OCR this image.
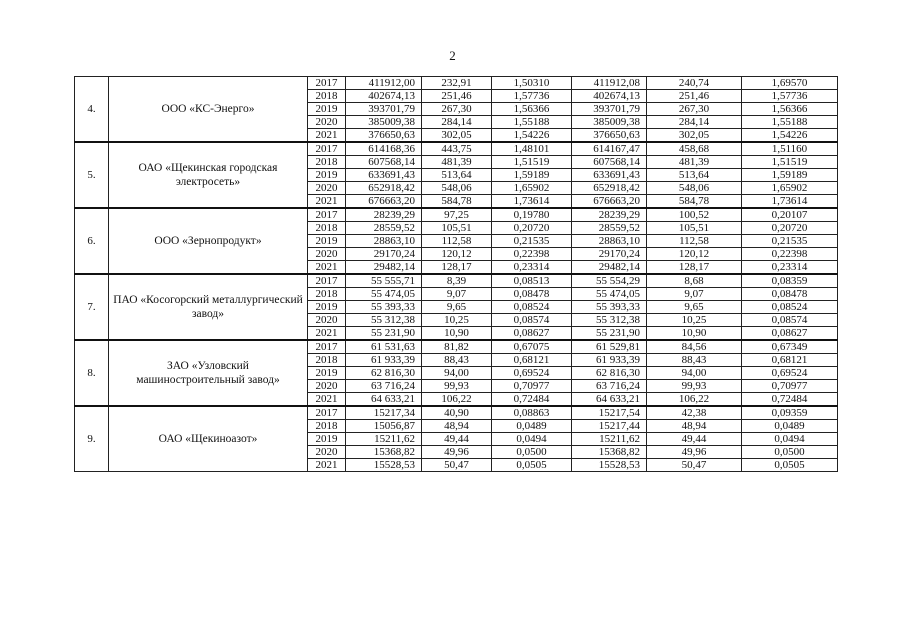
2
4.	ООО «КС-Энерго»	2017	411912,00	232,91	1,50310	411912,08	240,74	1,69570
		2018	402674,13	251,46	1,57736	402674,13	251,46	1,57736
		2019	393701,79	267,30	1,56366	393701,79	267,30	1,56366
		2020	385009,38	284,14	1,55188	385009,38	284,14	1,55188
		2021	376650,63	302,05	1,54226	376650,63	302,05	1,54226
5.	ОАО «Щекинская городская электросеть»	2017	614168,36	443,75	1,48101	614167,47	458,68	1,51160
		2018	607568,14	481,39	1,51519	607568,14	481,39	1,51519
		2019	633691,43	513,64	1,59189	633691,43	513,64	1,59189
		2020	652918,42	548,06	1,65902	652918,42	548,06	1,65902
		2021	676663,20	584,78	1,73614	676663,20	584,78	1,73614
6.	ООО «Зернопродукт»	2017	28239,29	97,25	0,19780	28239,29	100,52	0,20107
		2018	28559,52	105,51	0,20720	28559,52	105,51	0,20720
		2019	28863,10	112,58	0,21535	28863,10	112,58	0,21535
		2020	29170,24	120,12	0,22398	29170,24	120,12	0,22398
		2021	29482,14	128,17	0,23314	29482,14	128,17	0,23314
7.	ПАО «Косогорский металлургический завод»	2017	55 555,71	8,39	0,08513	55 554,29	8,68	0,08359
		2018	55 474,05	9,07	0,08478	55 474,05	9,07	0,08478
		2019	55 393,33	9,65	0,08524	55 393,33	9,65	0,08524
		2020	55 312,38	10,25	0,08574	55 312,38	10,25	0,08574
		2021	55 231,90	10,90	0,08627	55 231,90	10,90	0,08627
8.	ЗАО «Узловский машиностроительный завод»	2017	61 531,63	81,82	0,67075	61 529,81	84,56	0,67349
		2018	61 933,39	88,43	0,68121	61 933,39	88,43	0,68121
		2019	62 816,30	94,00	0,69524	62 816,30	94,00	0,69524
		2020	63 716,24	99,93	0,70977	63 716,24	99,93	0,70977
		2021	64 633,21	106,22	0,72484	64 633,21	106,22	0,72484
9.	ОАО «Щекиноазот»	2017	15217,34	40,90	0,08863	15217,54	42,38	0,09359
		2018	15056,87	48,94	0,0489	15217,44	48,94	0,0489
		2019	15211,62	49,44	0,0494	15211,62	49,44	0,0494
		2020	15368,82	49,96	0,0500	15368,82	49,96	0,0500
		2021	15528,53	50,47	0,0505	15528,53	50,47	0,0505
